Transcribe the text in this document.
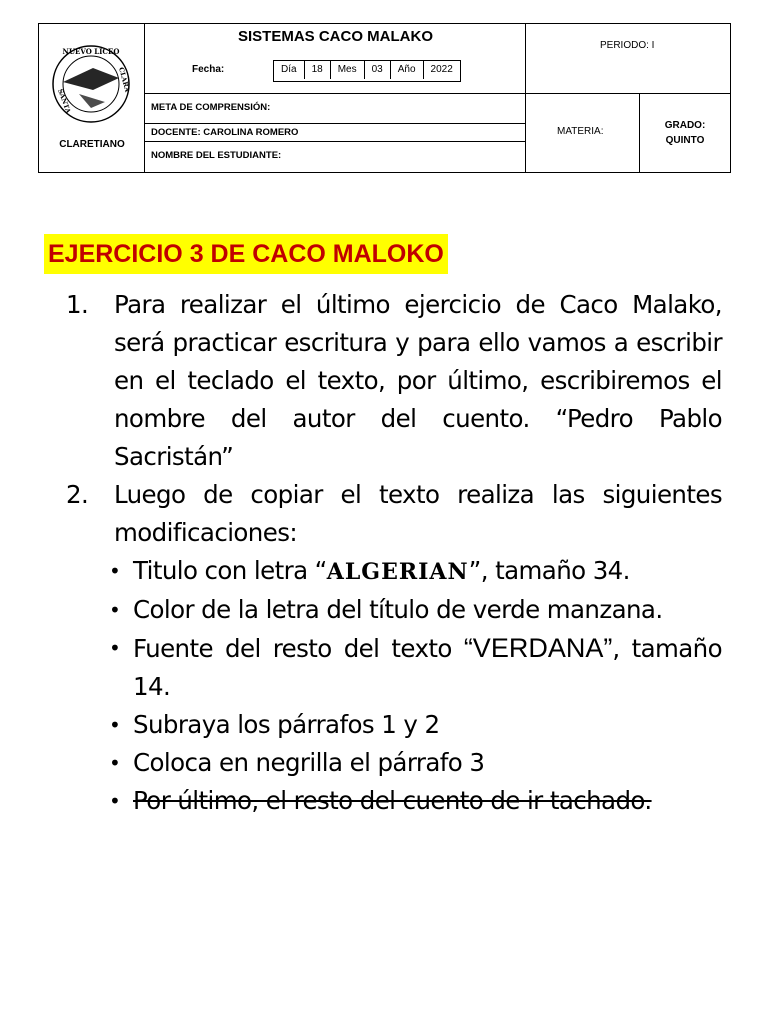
NUEVO LICEO
SANTA
CLARA
CLARETIANO
SISTEMAS CACO MALAKO
Fecha:	Día	18	Mes	03	Año	2022
META DE COMPRENSIÓN:
DOCENTE: CAROLINA ROMERO
NOMBRE DEL ESTUDIANTE:
PERIODO: I
MATERIA:
GRADO:
QUINTO
EJERCICIO 3 DE CACO MALOKO
1. Para realizar el último ejercicio de Caco Malako, será practicar escritura y para ello vamos a escribir en el teclado el texto, por último, escribiremos el nombre del autor del cuento. “Pedro Pablo Sacristán”
2. Luego de copiar el texto realiza las siguientes modificaciones:
• Titulo con letra “ALGERIAN”, tamaño 34.
• Color de la letra del título de verde manzana.
• Fuente del resto del texto “VERDANA”, tamaño 14.
• Subraya los párrafos 1 y 2
• Coloca en negrilla el párrafo 3
• Por último, el resto del cuento de ir tachado.
